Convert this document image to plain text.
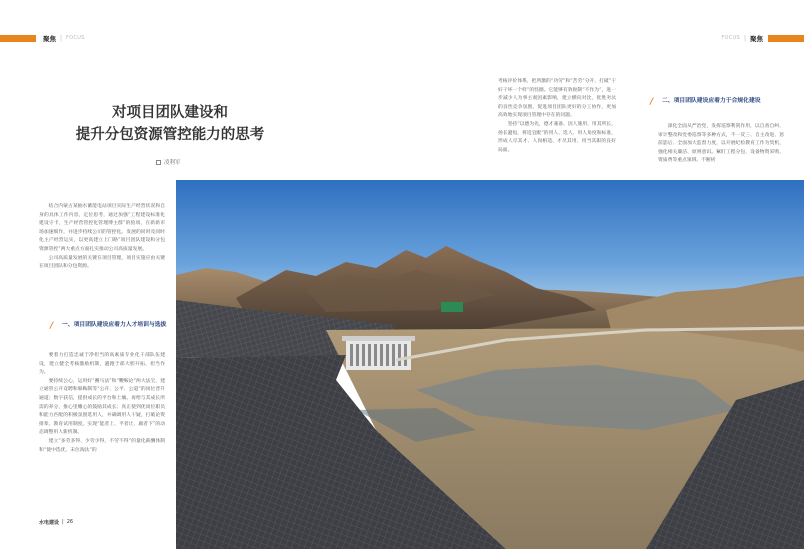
聚焦 | FOCUS
对项目团队建设和
提升分包资源管控能力的思考
凌利军

结合内蒙古某抽水蓄能电站项目实际生产经营状况和自身的具体工作内容，定位思考，通过加强“工程建设标准化建设守卡，生产经营管控化管理博主群”的验项，在新新市场加速细作，并进步持续公司的管控化。发展的同时及同时化主产经营运实，以更高建立上门路“项目团队建设和分包资源管控”两大重点方面扎实推动公司高质量发展。

公司高质量发展的关键在项目管理，项目实施应由关键在项目团队和分包资源。

/	一、项目团队建设应着力人才培训与选拔

要着力打造忠诚于净担当的高素质专业化干部队伍建设，建立健全考核激励机制，避跑于部大胆开拓、担当作为。

要持续公心，运用好“賽马法”和“鞭鞍论”两大法宝，建立通管公开竞聘和躲鞍制等“公开、公平、公道”的岗位晋升通道；数字获信，提供成长的平台和土壤。再给与其成长所需的养分，推心里嫩心的鼓励其成长；真正使到优岗位职员和能力匹配的积极氛围选用人，并确调用人干疑，打破论资排辈，教育试用制度。实现“能者上、平者让、庸者下”的动态调整用人新机制。

建立“多劳多得、少劳少得，不劳不得”的量化薪酬体制和“使中选优、末位淘汰”的

水电建设 | 26
FOCUS | 聚焦

考核评价体系，把所激的“功劳”和“苦劳”分开，打破“干好干坏一个样”的怪圈。它能够有效扼制“不作为”，进一步减少人为事主观因素影响，建立横向对比，优胜劣汰的良性竞争氛围，促进项目团队更好的分工协作，更加高效地实现项目管理中存在的问题。

坚持“以德为先，德才兼备、因人施用、用其所长，扬长避短，将适宜配”的用人、选人、用人角度和标准，形成人尽其才、人岗相适、才尽其用、用当其职的良好局面。

/	二、项目团队建设应着力于合规化建设

深化全面从严治党，发挥巡察利剑作用，以自查自纠、审计整改和党委巡察等多种方式，不一反三、自主改进、惩前毖后、全面加大监督力度，以开展纪检教育工作为契机，强化相关廉洁、原则意识。紧盯工程分包、设备物资采购、资质费等重点领域、不断析
